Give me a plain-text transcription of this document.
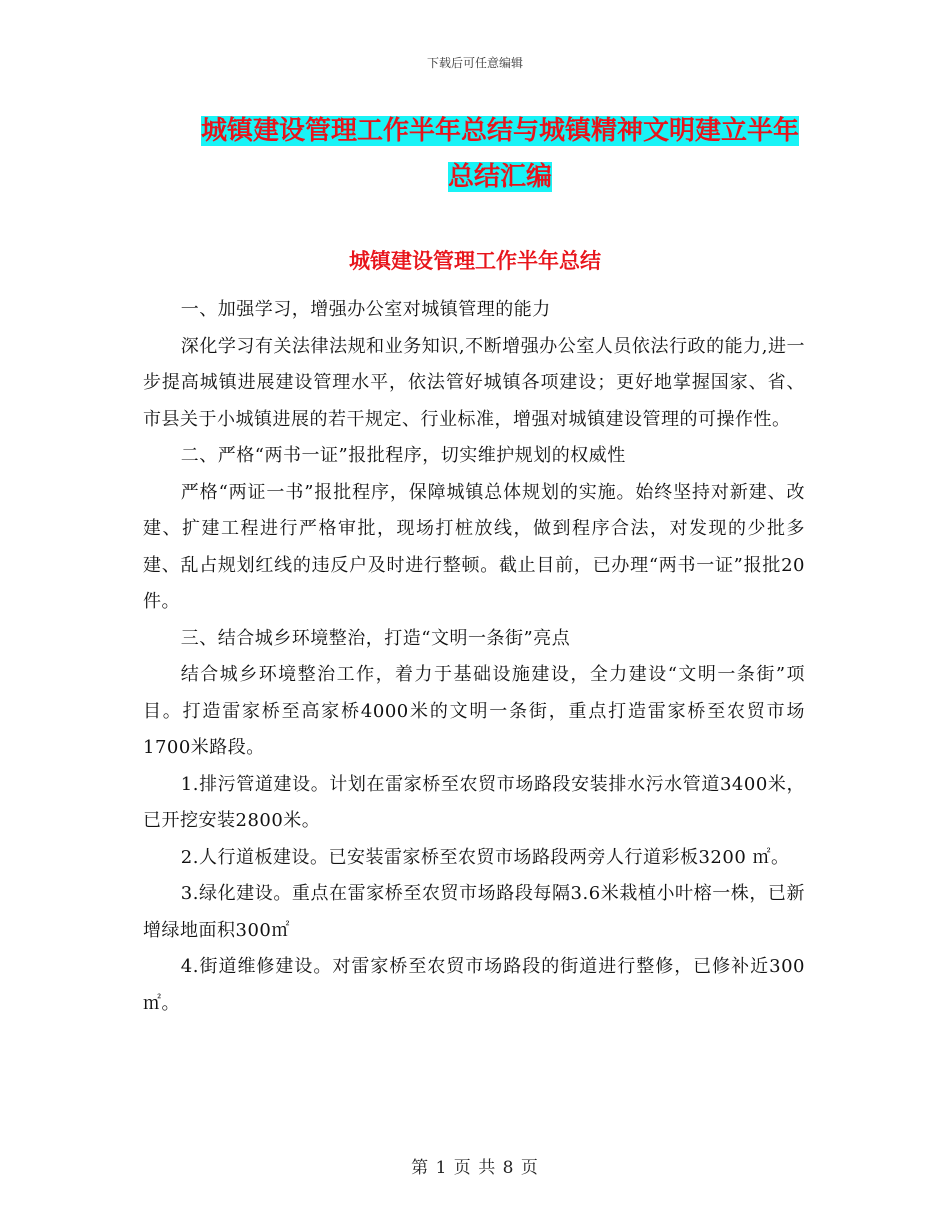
下载后可任意编辑
城镇建设管理工作半年总结与城镇精神文明建立半年
总结汇编
城镇建设管理工作半年总结

一、加强学习，增强办公室对城镇管理的能力

深化学习有关法律法规和业务知识,不断增强办公室人员依法行政的能力,进一步提高城镇进展建设管理水平，依法管好城镇各项建设；更好地掌握国家、省、市县关于小城镇进展的若干规定、行业标准，增强对城镇建设管理的可操作性。

二、严格“两书一证”报批程序，切实维护规划的权威性

严格“两证一书”报批程序，保障城镇总体规划的实施。始终坚持对新建、改建、扩建工程进行严格审批，现场打桩放线，做到程序合法，对发现的少批多建、乱占规划红线的违反户及时进行整顿。截止目前，已办理“两书一证”报批20件。

三、结合城乡环境整治，打造“文明一条街”亮点

结合城乡环境整治工作，着力于基础设施建设，全力建设“文明一条街”项目。打造雷家桥至高家桥4000米的文明一条街，重点打造雷家桥至农贸市场1700米路段。

1.排污管道建设。计划在雷家桥至农贸市场路段安装排水污水管道3400米，已开挖安装2800米。

2.人行道板建设。已安装雷家桥至农贸市场路段两旁人行道彩板3200 ㎡。

3.绿化建设。重点在雷家桥至农贸市场路段每隔3.6米栽植小叶榕一株，已新增绿地面积300㎡

4.街道维修建设。对雷家桥至农贸市场路段的街道进行整修，已修补近300㎡。

第 1 页 共 8 页
